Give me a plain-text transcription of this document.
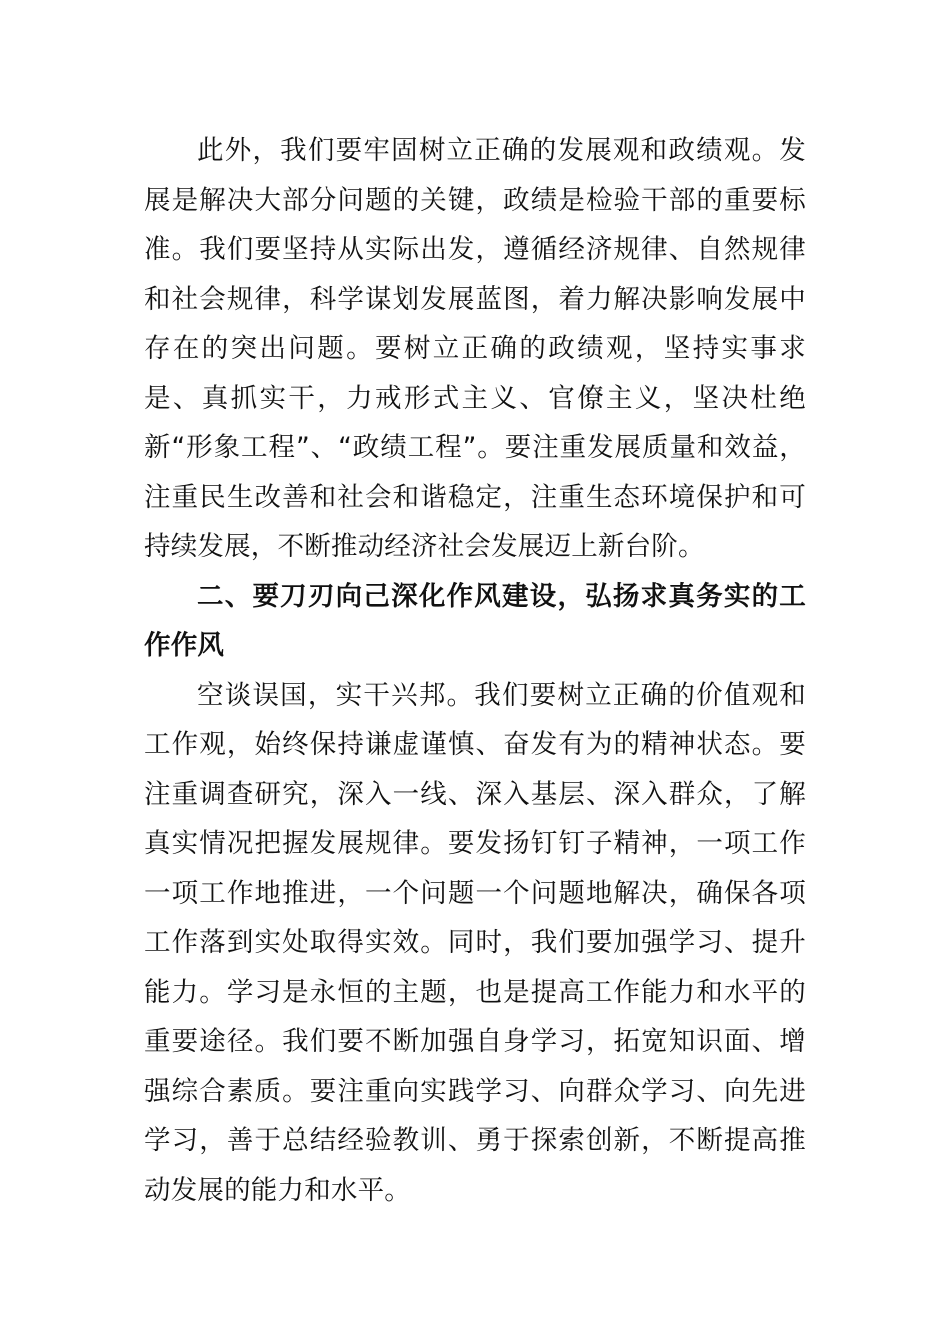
此外，我们要牢固树立正确的发展观和政绩观。发展是解决大部分问题的关键，政绩是检验干部的重要标准。我们要坚持从实际出发，遵循经济规律、自然规律和社会规律，科学谋划发展蓝图，着力解决影响发展中存在的突出问题。要树立正确的政绩观，坚持实事求是、真抓实干，力戒形式主义、官僚主义，坚决杜绝新“形象工程”、“政绩工程”。要注重发展质量和效益，注重民生改善和社会和谐稳定，注重生态环境保护和可持续发展，不断推动经济社会发展迈上新台阶。

二、要刀刃向己深化作风建设，弘扬求真务实的工作作风

空谈误国，实干兴邦。我们要树立正确的价值观和工作观，始终保持谦虚谨慎、奋发有为的精神状态。要注重调查研究，深入一线、深入基层、深入群众，了解真实情况把握发展规律。要发扬钉钉子精神，一项工作一项工作地推进，一个问题一个问题地解决，确保各项工作落到实处取得实效。同时，我们要加强学习、提升能力。学习是永恒的主题，也是提高工作能力和水平的重要途径。我们要不断加强自身学习，拓宽知识面、增强综合素质。要注重向实践学习、向群众学习、向先进学习，善于总结经验教训、勇于探索创新，不断提高推动发展的能力和水平。
